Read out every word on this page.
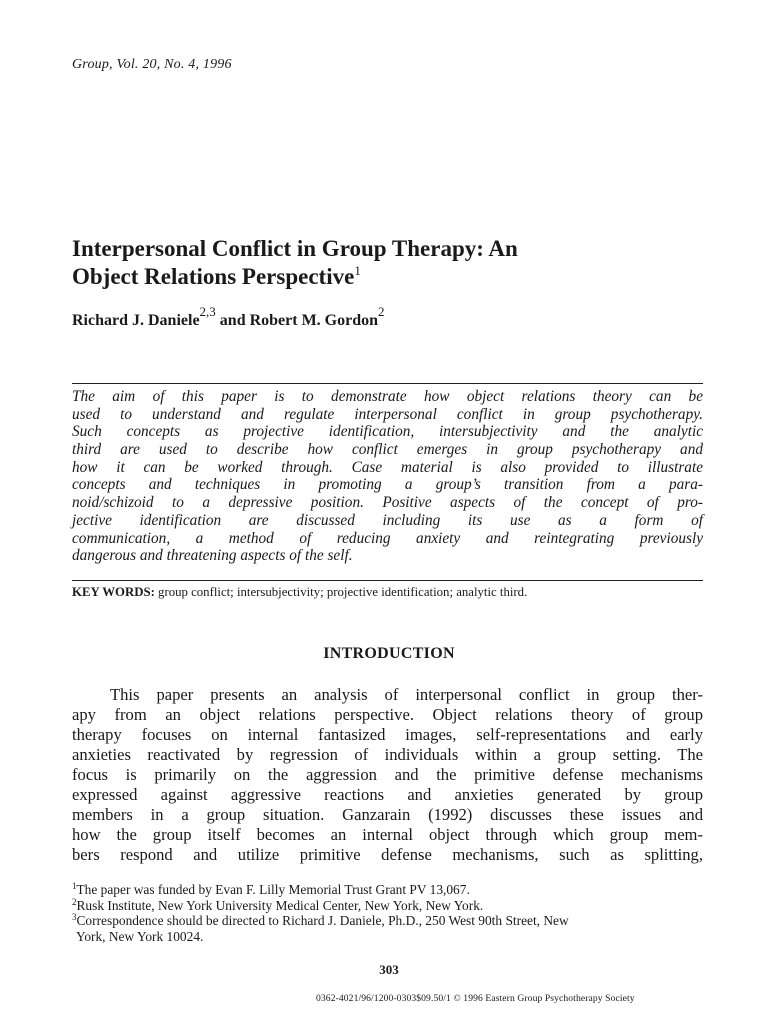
Group, Vol. 20, No. 4, 1996
Interpersonal Conflict in Group Therapy: An
Object Relations Perspective$^1$
Richard J. Daniele$^{2,3}$ and Robert M. Gordon$^2$
The aim of this paper is to demonstrate how object relations theory can be
used to understand and regulate interpersonal conflict in group psychotherapy.
Such concepts as projective identification, intersubjectivity and the analytic
third are used to describe how conflict emerges in group psychotherapy and
how it can be worked through. Case material is also provided to illustrate
concepts and techniques in promoting a group’s transition from a para-
noid/schizoid to a depressive position. Positive aspects of the concept of pro-
jective identification are discussed including its use as a form of
communication, a method of reducing anxiety and reintegrating previously
dangerous and threatening aspects of the self.
KEY WORDS: group conflict; intersubjectivity; projective identification; analytic third.
INTRODUCTION
This paper presents an analysis of interpersonal conflict in group ther-
apy from an object relations perspective. Object relations theory of group
therapy focuses on internal fantasized images, self-representations and early
anxieties reactivated by regression of individuals within a group setting. The
focus is primarily on the aggression and the primitive defense mechanisms
expressed against aggressive reactions and anxieties generated by group
members in a group situation. Ganzarain (1992) discusses these issues and
how the group itself becomes an internal object through which group mem-
bers respond and utilize primitive defense mechanisms, such as splitting,
$^1$The paper was funded by Evan F. Lilly Memorial Trust Grant PV 13,067.
$^2$Rusk Institute, New York University Medical Center, New York, New York.
$^3$Correspondence should be directed to Richard J. Daniele, Ph.D., 250 West 90th Street, New
York, New York 10024.
303
0362-4021/96/1200-0303$09.50/1 © 1996 Eastern Group Psychotherapy Society
